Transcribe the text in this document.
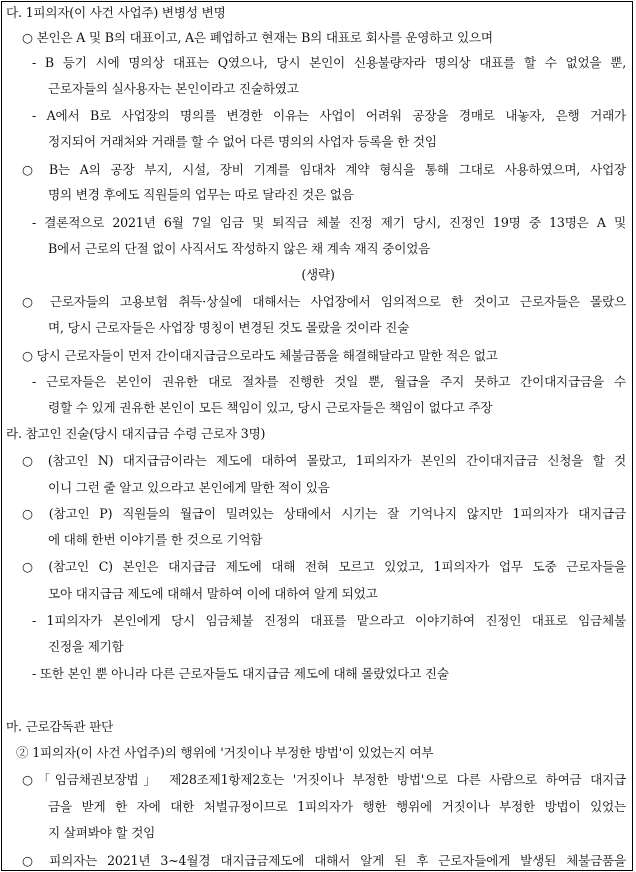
다. 1피의자(이 사건 사업주) 변병성 변명
○ 본인은 A 및 B의 대표이고, A은 폐업하고 현재는 B의 대표로 회사를 운영하고 있으며
- B 등기 시에 명의상 대표는 Q였으나, 당시 본인이 신용불량자라 명의상 대표를 할 수 없었을 뿐,
근로자들의 실사용자는 본인이라고 진술하였고
- A에서 B로 사업장의 명의를 변경한 이유는 사업이 어려워 공장을 경매로 내놓자, 은행 거래가
정지되어 거래처와 거래를 할 수 없어 다른 명의의 사업자 등록을 한 것임
○ B는 A의 공장 부지, 시설, 장비 기계를 임대차 계약 형식을 통해 그대로 사용하였으며, 사업장
명의 변경 후에도 직원들의 업무는 따로 달라진 것은 없음
- 결론적으로 2021년 6월 7일 임금 및 퇴직금 체불 진정 제기 당시, 진정인 19명 중 13명은 A 및
B에서 근로의 단절 없이 사직서도 작성하지 않은 채 계속 재직 중이었음
(생략)
○ 근로자들의 고용보험 취득·상실에 대해서는 사업장에서 임의적으로 한 것이고 근로자들은 몰랐으
며, 당시 근로자들은 사업장 명칭이 변경된 것도 몰랐을 것이라 진술
○ 당시 근로자들이 먼저 간이대지급금으로라도 체불금품을 해결해달라고 말한 적은 없고
- 근로자들은 본인이 권유한 대로 절차를 진행한 것일 뿐, 월급을 주지 못하고 간이대지급금을 수
령할 수 있게 권유한 본인이 모든 책임이 있고, 당시 근로자들은 책임이 없다고 주장
라. 참고인 진술(당시 대지급금 수령 근로자 3명)
○ (참고인 N) 대지급금이라는 제도에 대하여 몰랐고, 1피의자가 본인의 간이대지급금 신청을 할 것
이니 그런 줄 알고 있으라고 본인에게 말한 적이 있음
○ (참고인 P) 직원들의 월급이 밀려있는 상태에서 시기는 잘 기억나지 않지만 1피의자가 대지급금
에 대해 한번 이야기를 한 것으로 기억함
○ (참고인 C) 본인은 대지급금 제도에 대해 전혀 모르고 있었고, 1피의자가 업무 도중 근로자들을
모아 대지급금 제도에 대해서 말하여 이에 대하여 알게 되었고
- 1피의자가 본인에게 당시 임금체불 진정의 대표를 맡으라고 이야기하여 진정인 대표로 임금체불
진정을 제기함
- 또한 본인 뿐 아니라 다른 근로자들도 대지급금 제도에 대해 몰랐었다고 진술
마. 근로감독관 판단
② 1피의자(이 사건 사업주)의 행위에 '거짓이나 부정한 방법'이 있었는지 여부
○「임금채권보장법」 제28조제1항제2호는 '거짓이나 부정한 방법'으로 다른 사람으로 하여금 대지급
금을 받게 한 자에 대한 처벌규정이므로 1피의자가 행한 행위에 거짓이나 부정한 방법이 있었는
지 살펴봐야 할 것임
○ 피의자는 2021년 3~4월경 대지급금제도에 대해서 알게 된 후 근로자들에게 발생된 체불금품을
